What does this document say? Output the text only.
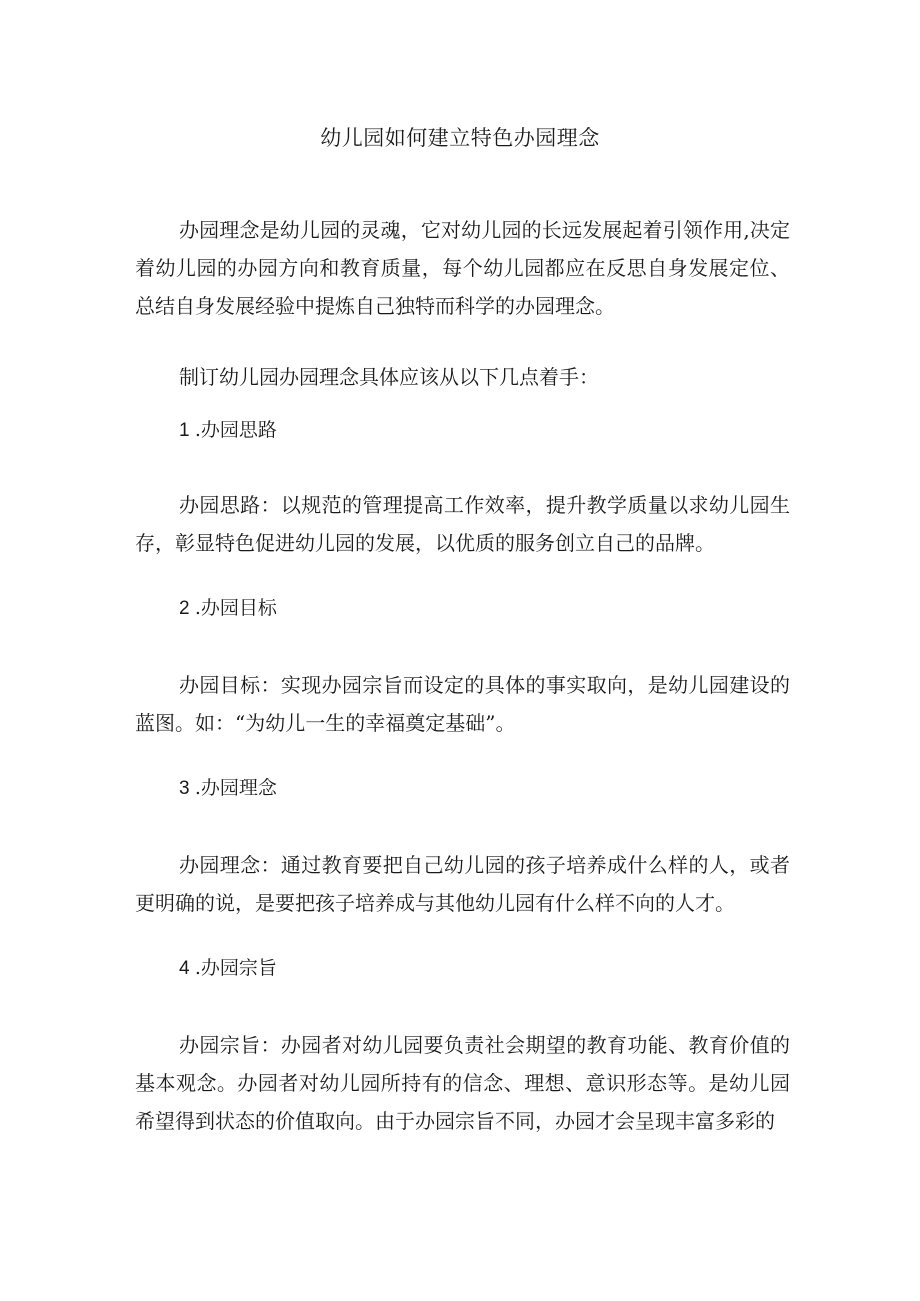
幼儿园如何建立特色办园理念

办园理念是幼儿园的灵魂，它对幼儿园的长远发展起着引领作用,决定着幼儿园的办园方向和教育质量，每个幼儿园都应在反思自身发展定位、总结自身发展经验中提炼自己独特而科学的办园理念。

制订幼儿园办园理念具体应该从以下几点着手：

1 .办园思路

办园思路：以规范的管理提高工作效率，提升教学质量以求幼儿园生存，彰显特色促进幼儿园的发展，以优质的服务创立自己的品牌。

2 .办园目标

办园目标：实现办园宗旨而设定的具体的事实取向，是幼儿园建设的蓝图。如：“为幼儿一生的幸福奠定基础”。

3 .办园理念

办园理念：通过教育要把自己幼儿园的孩子培养成什么样的人，或者更明确的说，是要把孩子培养成与其他幼儿园有什么样不向的人才。

4 .办园宗旨

办园宗旨：办园者对幼儿园要负责社会期望的教育功能、教育价值的基本观念。办园者对幼儿园所持有的信念、理想、意识形态等。是幼儿园希望得到状态的价值取向。由于办园宗旨不同，办园才会呈现丰富多彩的
